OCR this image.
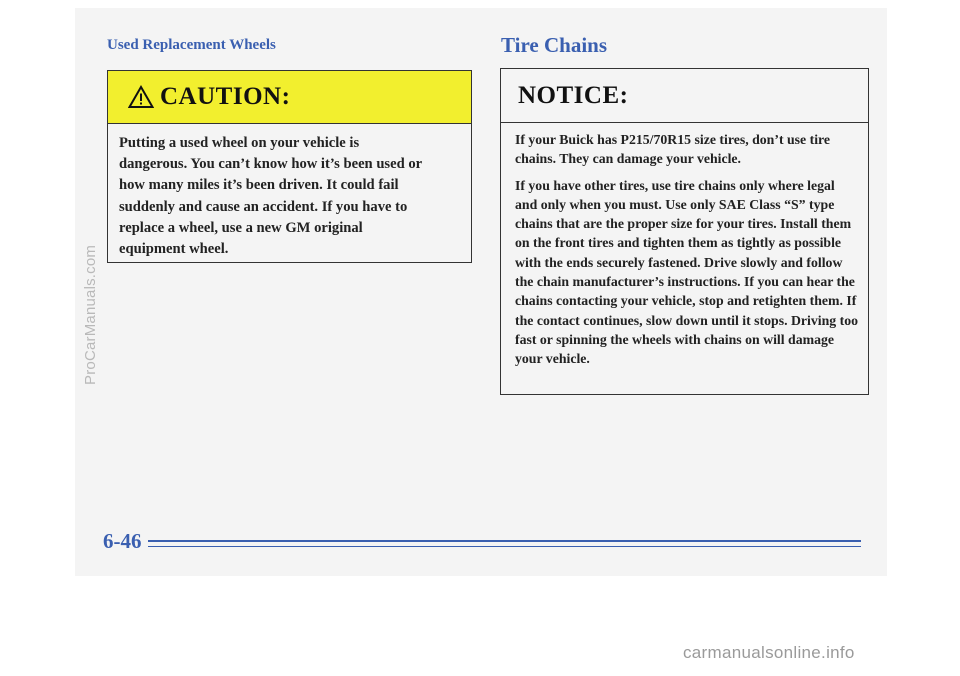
ProCarManuals.com
Used Replacement Wheels
CAUTION:
Putting a used wheel on your vehicle is
dangerous. You can’t know how it’s been used or
how many miles it’s been driven. It could fail
suddenly and cause an accident. If you have to
replace a wheel, use a new GM original
equipment wheel.
Tire Chains
NOTICE:

If your Buick has P215/70R15 size tires, don’t use tire chains. They can damage your vehicle.

If you have other tires, use tire chains only where legal and only when you must. Use only SAE Class “S” type chains that are the proper size for your tires. Install them on the front tires and tighten them as tightly as possible with the ends securely fastened. Drive slowly and follow the chain manufacturer’s instructions. If you can hear the chains contacting your vehicle, stop and retighten them. If the contact continues, slow down until it stops. Driving too fast or spinning the wheels with chains on will damage your vehicle.

6-46
carmanualsonline.info
